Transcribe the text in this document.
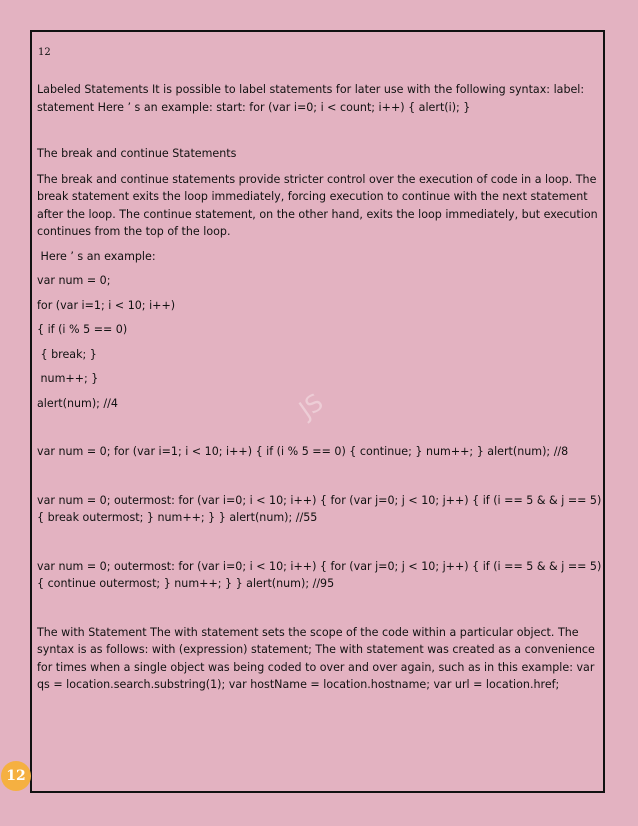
12
JS

Labeled Statements It is possible to label statements for later use with the following syntax: label: statement Here ’ s an example: start: for (var i=0; i < count; i++) { alert(i); }

The break and continue Statements

The break and continue statements provide stricter control over the execution of code in a loop. The break statement exits the loop immediately, forcing execution to continue with the next statement after the loop. The continue statement, on the other hand, exits the loop immediately, but execution continues from the top of the loop.

Here ’ s an example:

var num = 0;

for (var i=1; i < 10; i++)

{ if (i % 5 == 0)

{ break; }

num++; }

alert(num); //4

var num = 0; for (var i=1; i < 10; i++) { if (i % 5 == 0) { continue; } num++; } alert(num); //8

var num = 0; outermost: for (var i=0; i < 10; i++) { for (var j=0; j < 10; j++) { if (i == 5 & & j == 5) { break outermost; } num++; } } alert(num); //55

var num = 0; outermost: for (var i=0; i < 10; i++) { for (var j=0; j < 10; j++) { if (i == 5 & & j == 5) { continue outermost; } num++; } } alert(num); //95

The with Statement The with statement sets the scope of the code within a particular object. The syntax is as follows: with (expression) statement; The with statement was created as a convenience for times when a single object was being coded to over and over again, such as in this example: var qs = location.search.substring(1); var hostName = location.hostname; var url = location.href;

12
